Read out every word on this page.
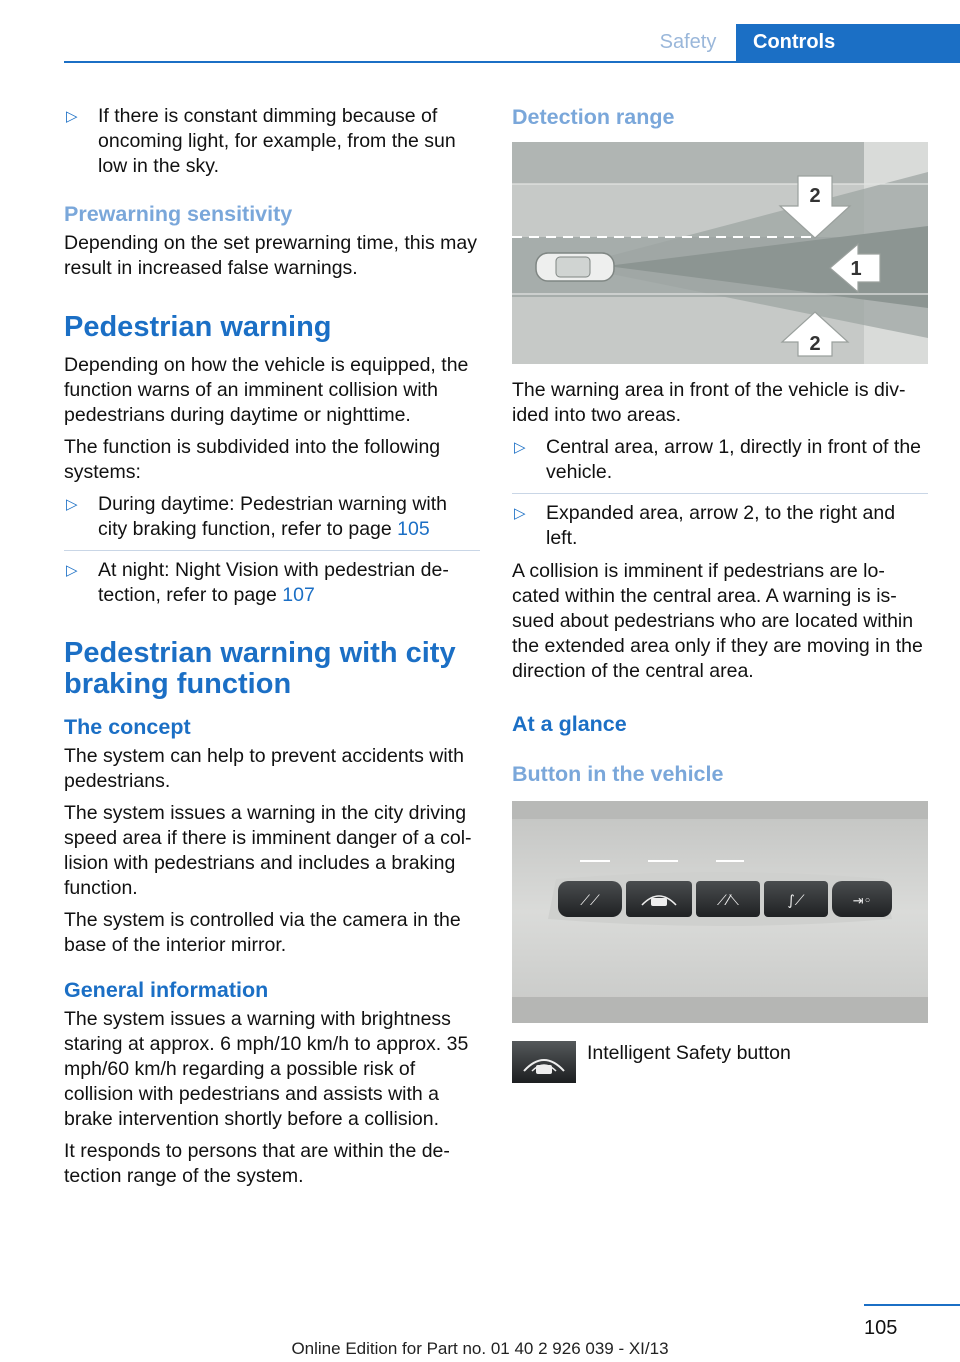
Safety	Controls
▷ If there is constant dimming because of oncoming light, for example, from the sun low in the sky.
Prewarning sensitivity

Depending on the set prewarning time, this may result in increased false warnings.

Pedestrian warning

Depending on how the vehicle is equipped, the function warns of an imminent collision with pedestrians during daytime or nighttime.

The function is subdivided into the following systems:

▷ During daytime: Pedestrian warning with city braking function, refer to page 105
▷ At night: Night Vision with pedestrian de-tection, refer to page 107
Pedestrian warning with city braking function
The concept

The system can help to prevent accidents with pedestrians.

The system issues a warning in the city driving speed area if there is imminent danger of a col-lision with pedestrians and includes a braking function.

The system is controlled via the camera in the base of the interior mirror.

General information

The system issues a warning with brightness staring at approx. 6 mph/10 km/h to approx. 35 mph/60 km/h regarding a possible risk of collision with pedestrians and assists with a brake intervention shortly before a collision.

It responds to persons that are within the de-tection range of the system.

Detection range
2
1
2

The warning area in front of the vehicle is div-ided into two areas.

▷ Central area, arrow 1, directly in front of the vehicle.
▷ Expanded area, arrow 2, to the right and left.

A collision is imminent if pedestrians are lo-cated within the central area. A warning is is-sued about pedestrians who are located within the extended area only if they are moving in the direction of the central area.

At a glance
Button in the vehicle
⟋⟋	⟋⁄⟍	∫⟋	⇥◦
Intelligent Safety button
105
Online Edition for Part no. 01 40 2 926 039 - XI/13
